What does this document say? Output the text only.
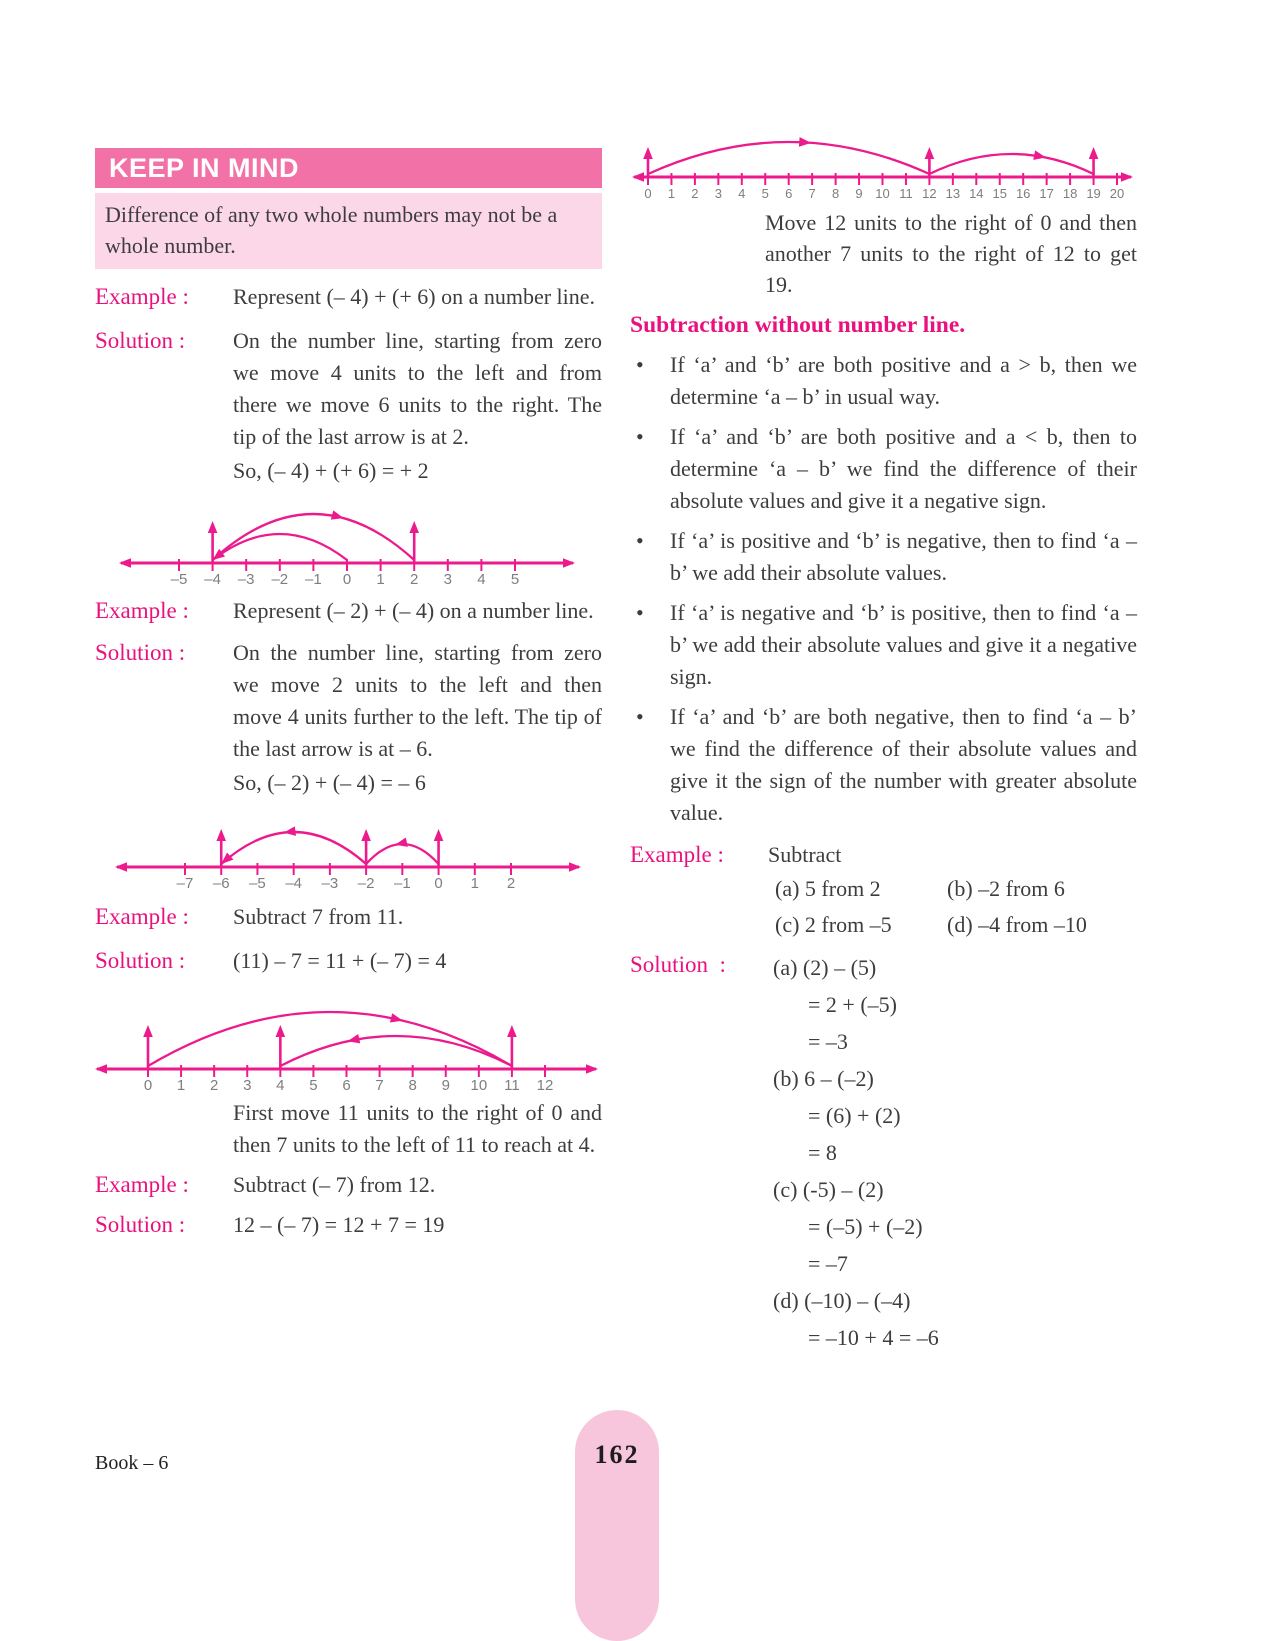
KEEP IN MIND
Difference of any two whole numbers may not be a whole number.
Example :	Represent (– 4) + (+ 6) on a number line.
Solution :	On the number line, starting from zero we move 4 units to the left and from there we move 6 units to the right. The tip of the last arrow is at 2.
So, (– 4) + (+ 6) = + 2
–5 –4 –3 –2 –1 0 1 2 3 4 5
Example :	Represent (– 2) + (– 4) on a number line.
Solution :	On the number line, starting from zero we move 2 units to the left and then move 4 units further to the left. The tip of the last arrow is at – 6.
So, (– 2) + (– 4) = – 6
–7 –6 –5 –4 –3 –2 –1 0 1 2
Example :	Subtract 7 from 11.
Solution :	(11) – 7 = 11 + (– 7) = 4
0 1 2 3 4 5 6 7 8 9 10 11 12
First move 11 units to the right of 0 and then 7 units to the left of 11 to reach at 4.
Example :	Subtract (– 7) from 12.
Solution :	12 – (– 7) = 12 + 7 = 19
0 1 2 3 4 5 6 7 8 9 10 11 12 13 14 15 16 17 18 19 20
Move 12 units to the right of 0 and then another 7 units to the right of 12 to get 19.
Subtraction without number line.
•	If ‘a’ and ‘b’ are both positive and a > b, then we determine ‘a – b’ in usual way.
•	If ‘a’ and ‘b’ are both positive and a < b, then to determine ‘a – b’ we find the difference of their absolute values and give it a negative sign.
•	If ‘a’ is positive and ‘b’ is negative, then to find ‘a – b’ we add their absolute values.
•	If ‘a’ is negative and ‘b’ is positive, then to find ‘a – b’ we add their absolute values and give it a negative sign.
•	If ‘a’ and ‘b’ are both negative, then to find ‘a – b’ we find the difference of their absolute values and give it the sign of the number with greater absolute value.
Example :	Subtract
(a) 5 from 2	(b) –2 from 6
(c) 2 from –5	(d) –4 from –10
Solution  :	(a) (2) – (5)
= 2 + (–5)
= –3
(b) 6 – (–2)
= (6) + (2)
= 8
(c) (-5) – (2)
= (–5) + (–2)
= –7
(d) (–10) – (–4)
= –10 + 4 = –6
Book – 6	162
